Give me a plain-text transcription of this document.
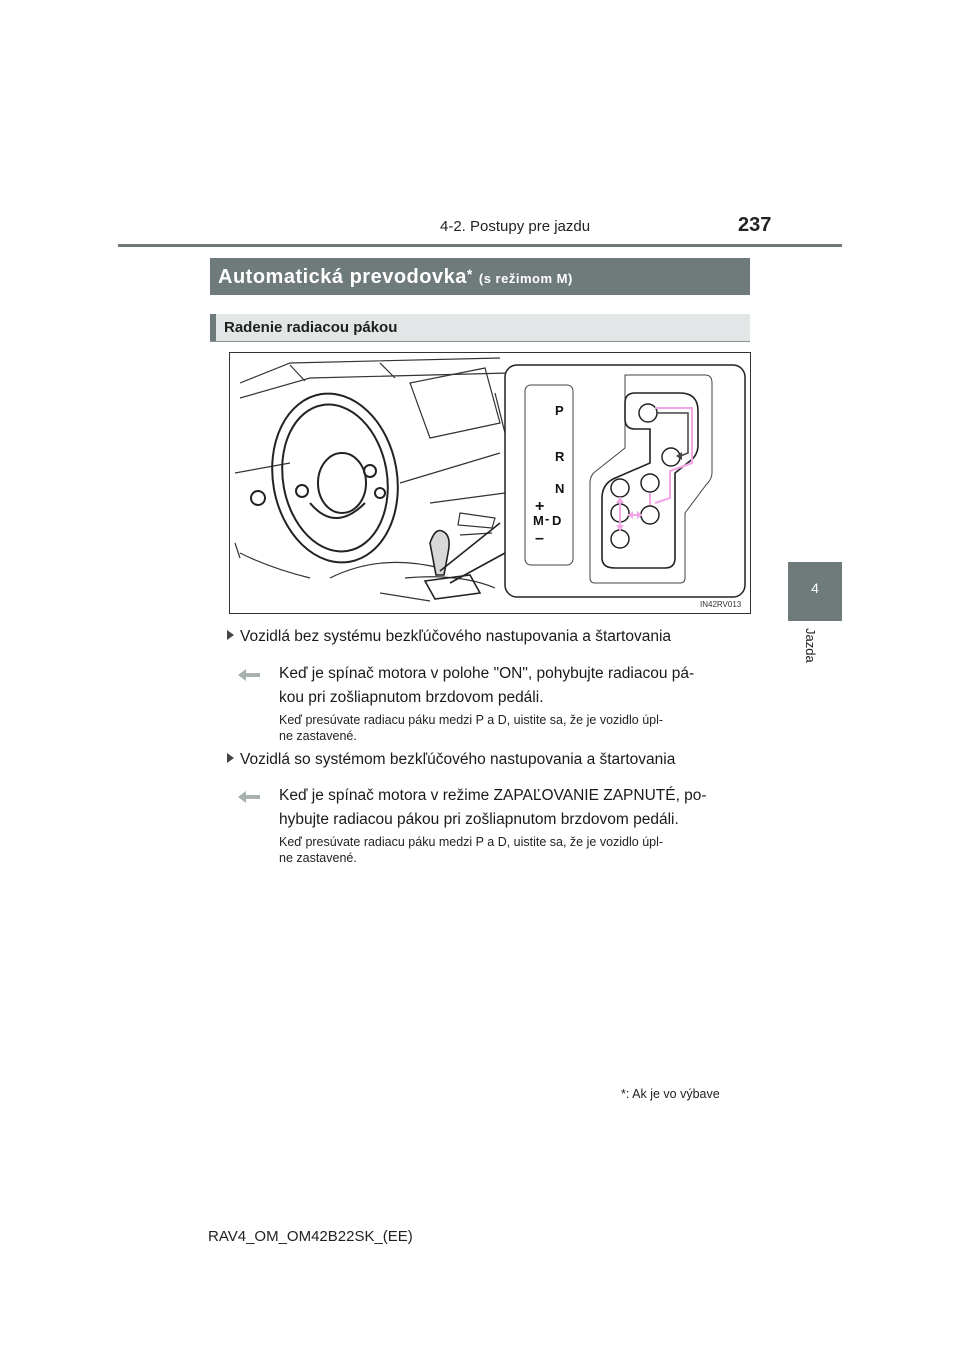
4-2. Postupy pre jazdu	237
4
Jazda
Automatická prevodovka* (s režimom M)
Radenie radiacou pákou
P
R
N
+
M - D
–
IN42RV013
Vozidlá bez systému bezkľúčového nastupovania a štartovania
Keď je spínač motora v polohe "ON", pohybujte radiacou pá-
kou pri zošliapnutom brzdovom pedáli.
Keď presúvate radiacu páku medzi P a D, uistite sa, že je vozidlo úpl-
ne zastavené.
Vozidlá so systémom bezkľúčového nastupovania a štartovania
Keď je spínač motora v režime ZAPAĽOVANIE ZAPNUTÉ, po-
hybujte radiacou pákou pri zošliapnutom brzdovom pedáli.
Keď presúvate radiacu páku medzi P a D, uistite sa, že je vozidlo úpl-
ne zastavené.
*: Ak je vo výbave
RAV4_OM_OM42B22SK_(EE)
